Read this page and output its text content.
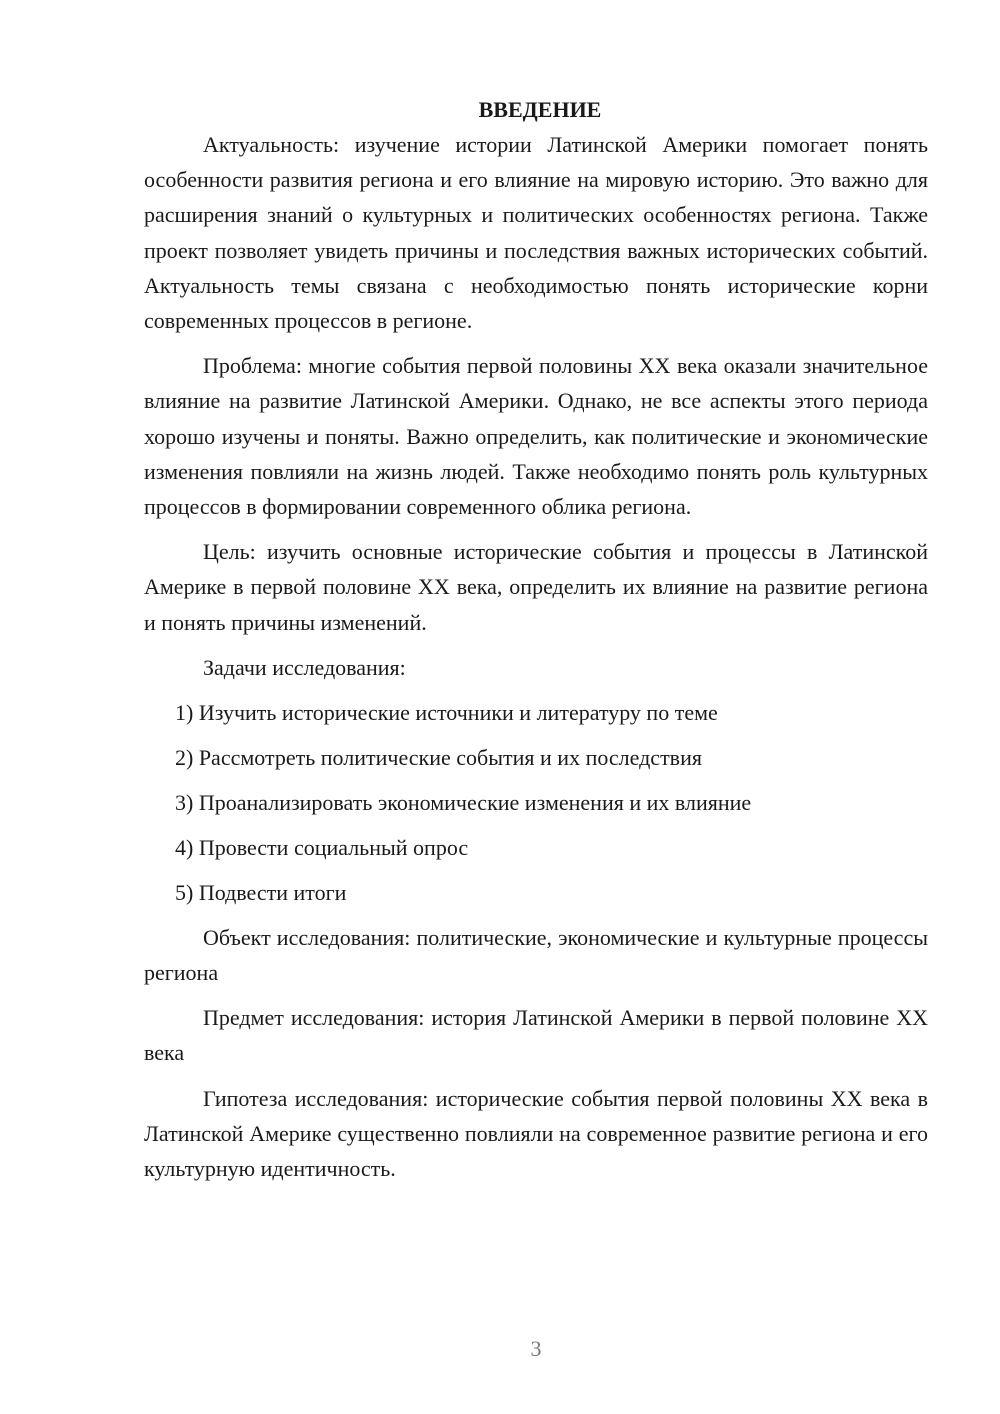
ВВЕДЕНИЕ

Актуальность: изучение истории Латинской Америки помогает понять особенности развития региона и его влияние на мировую историю. Это важно для расширения знаний о культурных и политических особенностях региона. Также проект позволяет увидеть причины и последствия важных исторических событий. Актуальность темы связана с необходимостью понять исторические корни современных процессов в регионе.

Проблема: многие события первой половины XX века оказали значительное влияние на развитие Латинской Америки. Однако, не все аспекты этого периода хорошо изучены и поняты. Важно определить, как политические и экономические изменения повлияли на жизнь людей. Также необходимо понять роль культурных процессов в формировании современного облика региона.

Цель: изучить основные исторические события и процессы в Латинской Америке в первой половине XX века, определить их влияние на развитие региона и понять причины изменений.

Задачи исследования:

1) Изучить исторические источники и литературу по теме
2) Рассмотреть политические события и их последствия
3) Проанализировать экономические изменения и их влияние
4) Провести социальный опрос
5) Подвести итоги

Объект исследования: политические, экономические и культурные процессы региона

Предмет исследования: история Латинской Америки в первой половине XX века

Гипотеза исследования: исторические события первой половины XX века в Латинской Америке существенно повлияли на современное развитие региона и его культурную идентичность.

3
